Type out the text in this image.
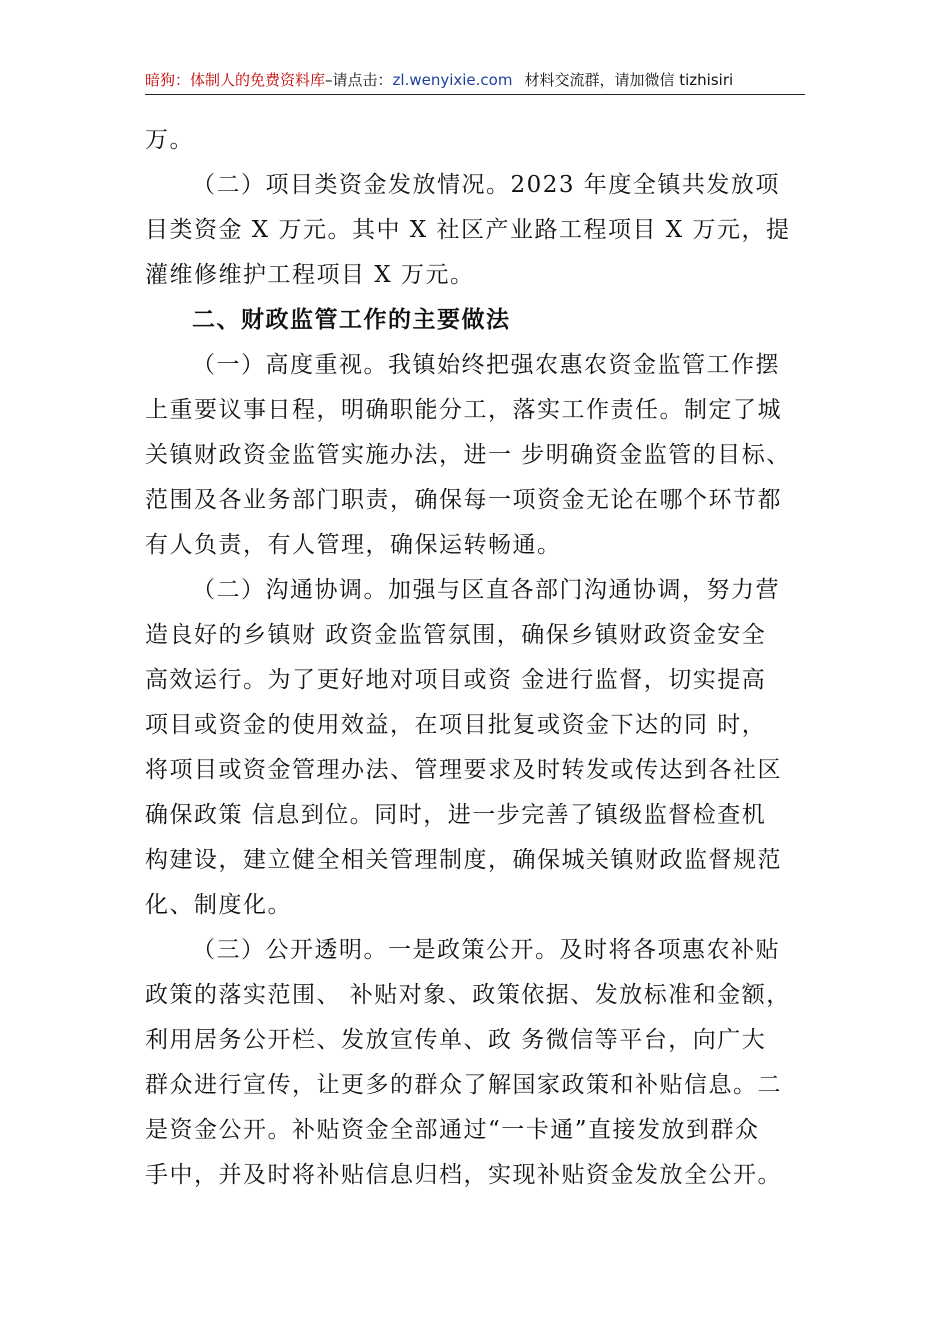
暗狗：体制人的免费资料库–请点击：zl.wenyixie.com 材料交流群，请加微信 tizhisiri

万。

（二）项目类资金发放情况。2023 年度全镇共发放项

目类资金 X 万元。其中 X 社区产业路工程项目 X 万元，提

灌维修维护工程项目 X 万元。

二、财政监管工作的主要做法

（一）高度重视。我镇始终把强农惠农资金监管工作摆

上重要议事日程，明确职能分工，落实工作责任。制定了城

关镇财政资金监管实施办法，进一 步明确资金监管的目标、

范围及各业务部门职责，确保每一项资金无论在哪个环节都

有人负责，有人管理，确保运转畅通。

（二）沟通协调。加强与区直各部门沟通协调，努力营

造良好的乡镇财 政资金监管氛围，确保乡镇财政资金安全

高效运行。为了更好地对项目或资 金进行监督，切实提高

项目或资金的使用效益，在项目批复或资金下达的同 时，

将项目或资金管理办法、管理要求及时转发或传达到各社区

确保政策 信息到位。同时，进一步完善了镇级监督检查机

构建设，建立健全相关管理制度，确保城关镇财政监督规范

化、制度化。

（三）公开透明。一是政策公开。及时将各项惠农补贴

政策的落实范围、 补贴对象、政策依据、发放标准和金额，

利用居务公开栏、发放宣传单、政 务微信等平台，向广大

群众进行宣传，让更多的群众了解国家政策和补贴信息。二

是资金公开。补贴资金全部通过“一卡通”直接发放到群众

手中，并及时将补贴信息归档，实现补贴资金发放全公开。
